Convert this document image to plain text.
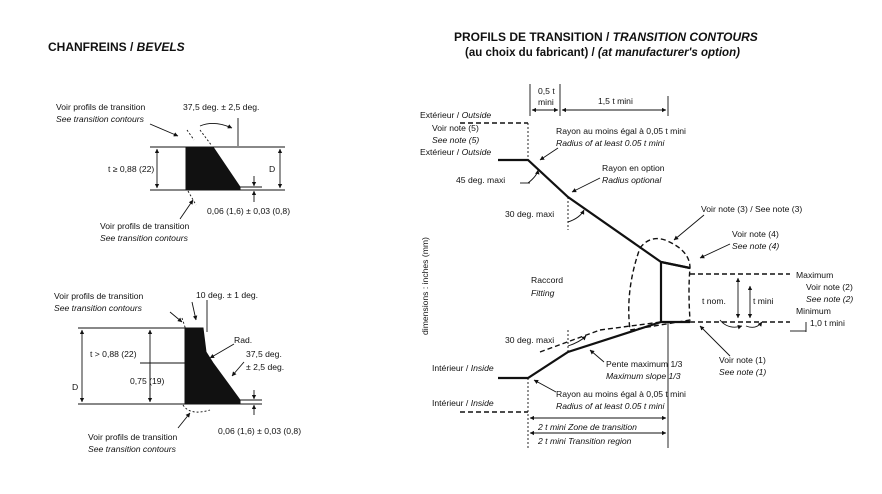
CHANFREINS / BEVELS
PROFILS DE TRANSITION / TRANSITION CONTOURS
(au choix du fabricant) / (at manufacturer's option)
Voir profils de transition
See transition contours
37,5 deg. ± 2,5 deg.
t ≥ 0,88 (22)	D
0,06 (1,6) ± 0,03 (0,8)
Voir profils de transition
See transition contours
Voir profils de transition
See transition contours
10 deg. ± 1 deg.
Rad.
t > 0,88 (22)
0,75 (19)
D
37,5 deg.
± 2,5 deg.
0,06 (1,6) ± 0,03 (0,8)
Voir profils de transition
See transition contours
0,5 t
mini	1,5 t mini
Extérieur / Outside
Voir note (5)
See note (5)
Extérieur / Outside
Rayon au moins égal à 0,05 t mini
Radius of at least 0.05 t mini
Rayon en option
Radius optional
45 deg. maxi
30 deg. maxi	Voir note (3) / See note (3)
Voir note (4)
See note (4)
dimensions : inches (mm)	Raccord
Fitting
Maximum
Voir note (2)
See note (2)
Minimum
1,0 t mini
t nom.	t mini
30 deg. maxi
Pente maximum 1/3
Maximum slope 1/3
Voir note (1)
See note (1)
Intérieur / Inside
Rayon au moins égal à 0,05 t mini
Radius of at least 0.05 t mini
Intérieur / Inside
2 t mini Zone de transition
2 t mini Transition region
